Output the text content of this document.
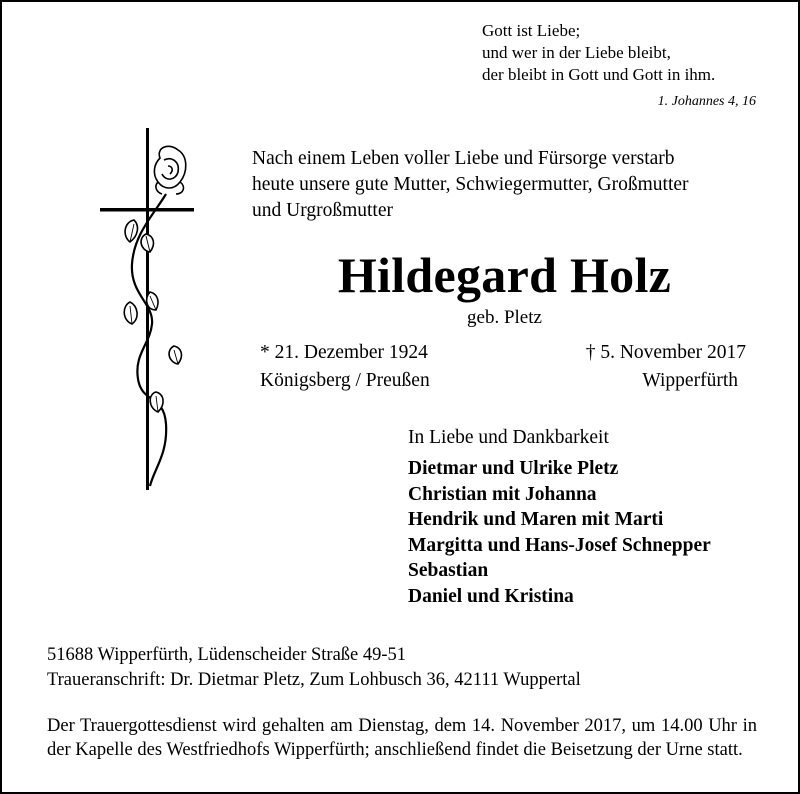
Gott ist Liebe;
und wer in der Liebe bleibt,
der bleibt in Gott und Gott in ihm.
1. Johannes 4, 16
Nach einem Leben voller Liebe und Fürsorge verstarb
heute unsere gute Mutter, Schwiegermutter, Großmutter
und Urgroßmutter
Hildegard Holz
geb. Pletz
* 21. Dezember 1924
Königsberg / Preußen
† 5. November 2017
Wipperfürth
In Liebe und Dankbarkeit
Dietmar und Ulrike Pletz
Christian mit Johanna
Hendrik und Maren mit Marti
Margitta und Hans-Josef Schnepper
Sebastian
Daniel und Kristina
51688 Wipperfürth, Lüdenscheider Straße 49-51
Traueranschrift: Dr. Dietmar Pletz, Zum Lohbusch 36, 42111 Wuppertal
Der Trauergottesdienst wird gehalten am Dienstag, dem 14. November 2017, um 14.00 Uhr in der Kapelle des Westfriedhofs Wipperfürth; anschließend findet die Beisetzung der Urne statt.
